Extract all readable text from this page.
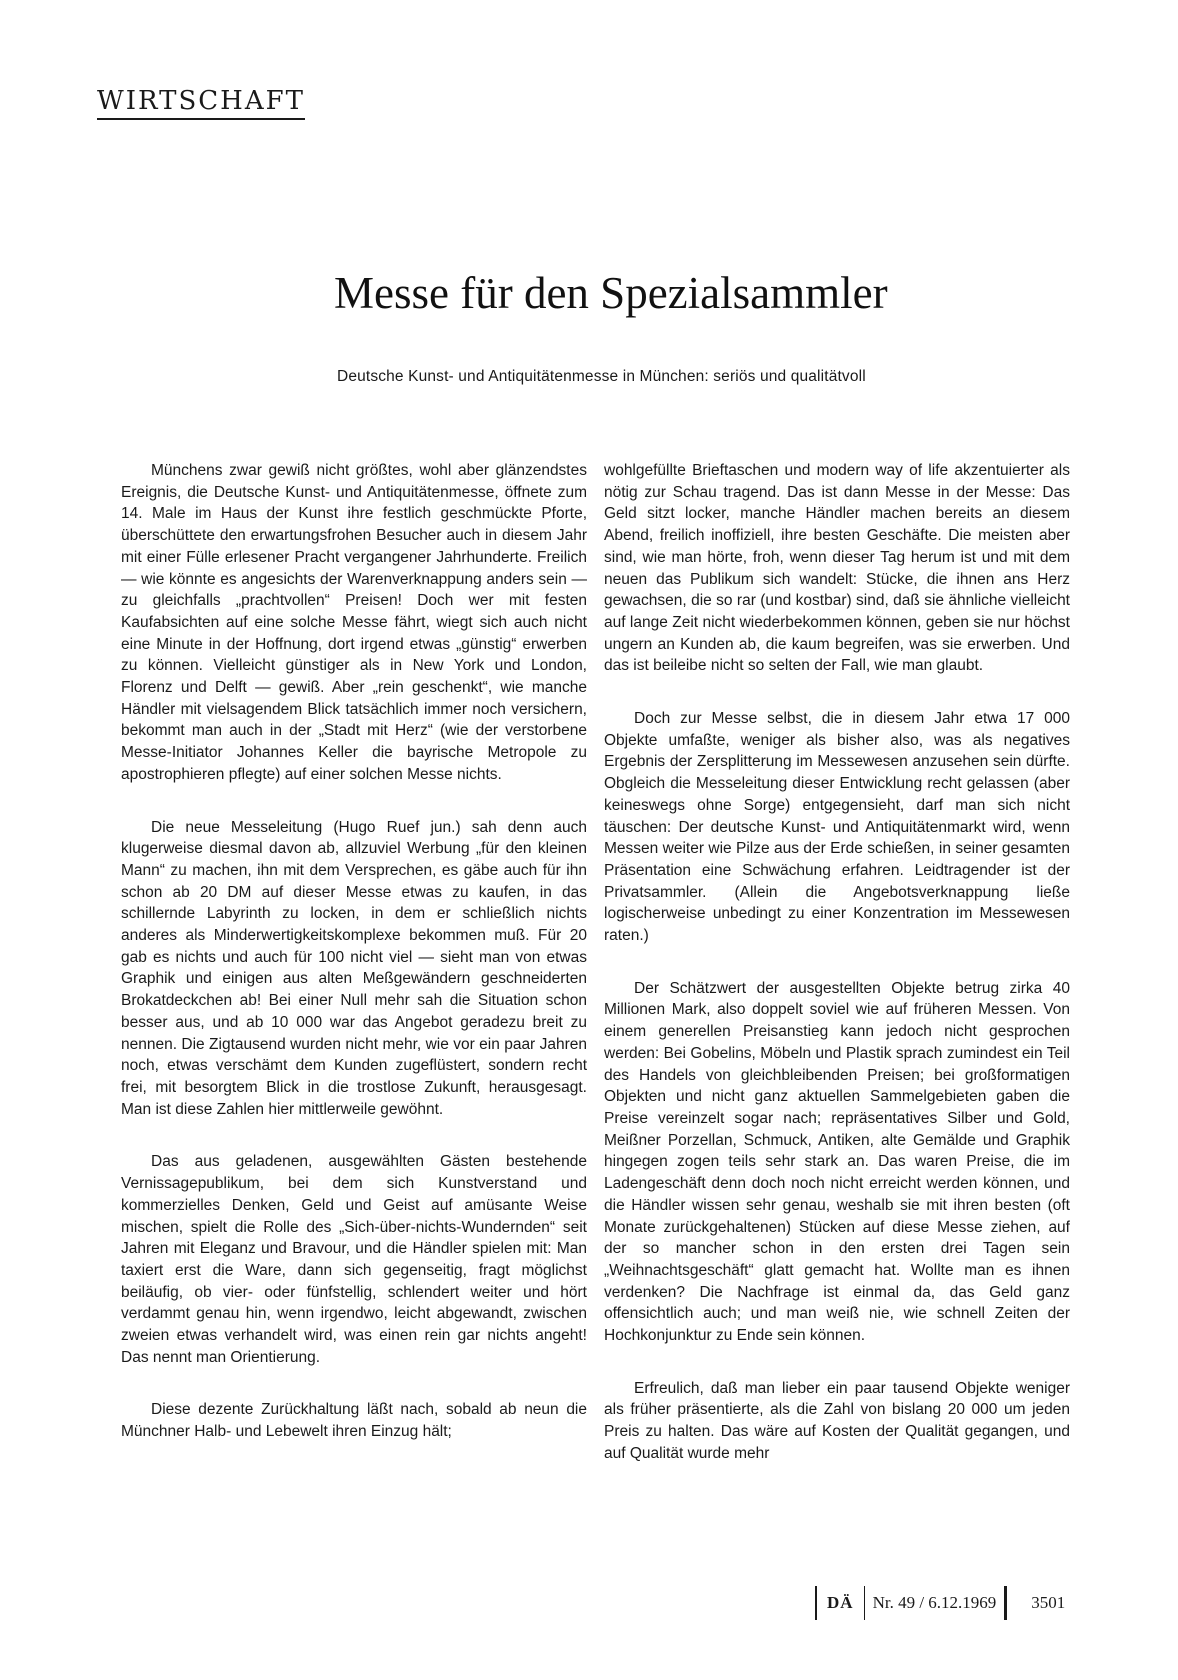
WIRTSCHAFT
Messe für den Spezialsammler

Deutsche Kunst- und Antiquitätenmesse in München: seriös und qualitätvoll

Münchens zwar gewiß nicht größtes, wohl aber glänzendstes Ereignis, die Deutsche Kunst- und Antiquitätenmesse, öffnete zum 14. Male im Haus der Kunst ihre festlich geschmückte Pforte, überschüttete den erwartungsfrohen Besucher auch in diesem Jahr mit einer Fülle erlesener Pracht vergangener Jahrhunderte. Freilich — wie könnte es angesichts der Warenverknappung anders sein — zu gleichfalls „prachtvollen“ Preisen! Doch wer mit festen Kaufabsichten auf eine solche Messe fährt, wiegt sich auch nicht eine Minute in der Hoffnung, dort irgend etwas „günstig“ erwerben zu können. Vielleicht günstiger als in New York und London, Florenz und Delft — gewiß. Aber „rein geschenkt“, wie manche Händler mit vielsagendem Blick tatsächlich immer noch versichern, bekommt man auch in der „Stadt mit Herz“ (wie der verstorbene Messe-Initiator Johannes Keller die bayrische Metropole zu apostrophieren pflegte) auf einer solchen Messe nichts.

Die neue Messeleitung (Hugo Ruef jun.) sah denn auch klugerweise diesmal davon ab, allzuviel Werbung „für den kleinen Mann“ zu machen, ihn mit dem Versprechen, es gäbe auch für ihn schon ab 20 DM auf dieser Messe etwas zu kaufen, in das schillernde Labyrinth zu locken, in dem er schließlich nichts anderes als Minderwertigkeitskomplexe bekommen muß. Für 20 gab es nichts und auch für 100 nicht viel — sieht man von etwas Graphik und einigen aus alten Meßgewändern geschneiderten Brokatdeckchen ab! Bei einer Null mehr sah die Situation schon besser aus, und ab 10 000 war das Angebot geradezu breit zu nennen. Die Zigtausend wurden nicht mehr, wie vor ein paar Jahren noch, etwas verschämt dem Kunden zugeflüstert, sondern recht frei, mit besorgtem Blick in die trostlose Zukunft, herausgesagt. Man ist diese Zahlen hier mittlerweile gewöhnt.

Das aus geladenen, ausgewählten Gästen bestehende Vernissagepublikum, bei dem sich Kunstverstand und kommerzielles Denken, Geld und Geist auf amüsante Weise mischen, spielt die Rolle des „Sich-über-nichts-Wundernden“ seit Jahren mit Eleganz und Bravour, und die Händler spielen mit: Man taxiert erst die Ware, dann sich gegenseitig, fragt möglichst beiläufig, ob vier- oder fünfstellig, schlendert weiter und hört verdammt genau hin, wenn irgendwo, leicht abgewandt, zwischen zweien etwas verhandelt wird, was einen rein gar nichts angeht! Das nennt man Orientierung.

Diese dezente Zurückhaltung läßt nach, sobald ab neun die Münchner Halb- und Lebewelt ihren Einzug hält;

wohlgefüllte Brieftaschen und modern way of life akzentuierter als nötig zur Schau tragend. Das ist dann Messe in der Messe: Das Geld sitzt locker, manche Händler machen bereits an diesem Abend, freilich inoffiziell, ihre besten Geschäfte. Die meisten aber sind, wie man hörte, froh, wenn dieser Tag herum ist und mit dem neuen das Publikum sich wandelt: Stücke, die ihnen ans Herz gewachsen, die so rar (und kostbar) sind, daß sie ähnliche vielleicht auf lange Zeit nicht wiederbekommen können, geben sie nur höchst ungern an Kunden ab, die kaum begreifen, was sie erwerben. Und das ist beileibe nicht so selten der Fall, wie man glaubt.

Doch zur Messe selbst, die in diesem Jahr etwa 17 000 Objekte umfaßte, weniger als bisher also, was als negatives Ergebnis der Zersplitterung im Messewesen anzusehen sein dürfte. Obgleich die Messeleitung dieser Entwicklung recht gelassen (aber keineswegs ohne Sorge) entgegensieht, darf man sich nicht täuschen: Der deutsche Kunst- und Antiquitätenmarkt wird, wenn Messen weiter wie Pilze aus der Erde schießen, in seiner gesamten Präsentation eine Schwächung erfahren. Leidtragender ist der Privatsammler. (Allein die Angebotsverknappung ließe logischerweise unbedingt zu einer Konzentration im Messewesen raten.)

Der Schätzwert der ausgestellten Objekte betrug zirka 40 Millionen Mark, also doppelt soviel wie auf früheren Messen. Von einem generellen Preisanstieg kann jedoch nicht gesprochen werden: Bei Gobelins, Möbeln und Plastik sprach zumindest ein Teil des Handels von gleichbleibenden Preisen; bei großformatigen Objekten und nicht ganz aktuellen Sammelgebieten gaben die Preise vereinzelt sogar nach; repräsentatives Silber und Gold, Meißner Porzellan, Schmuck, Antiken, alte Gemälde und Graphik hingegen zogen teils sehr stark an. Das waren Preise, die im Ladengeschäft denn doch noch nicht erreicht werden können, und die Händler wissen sehr genau, weshalb sie mit ihren besten (oft Monate zurückgehaltenen) Stücken auf diese Messe ziehen, auf der so mancher schon in den ersten drei Tagen sein „Weihnachtsgeschäft“ glatt gemacht hat. Wollte man es ihnen verdenken? Die Nachfrage ist einmal da, das Geld ganz offensichtlich auch; und man weiß nie, wie schnell Zeiten der Hochkonjunktur zu Ende sein können.

Erfreulich, daß man lieber ein paar tausend Objekte weniger als früher präsentierte, als die Zahl von bislang 20 000 um jeden Preis zu halten. Das wäre auf Kosten der Qualität gegangen, und auf Qualität wurde mehr

DÄ	Nr. 49 / 6.12.1969	3501
